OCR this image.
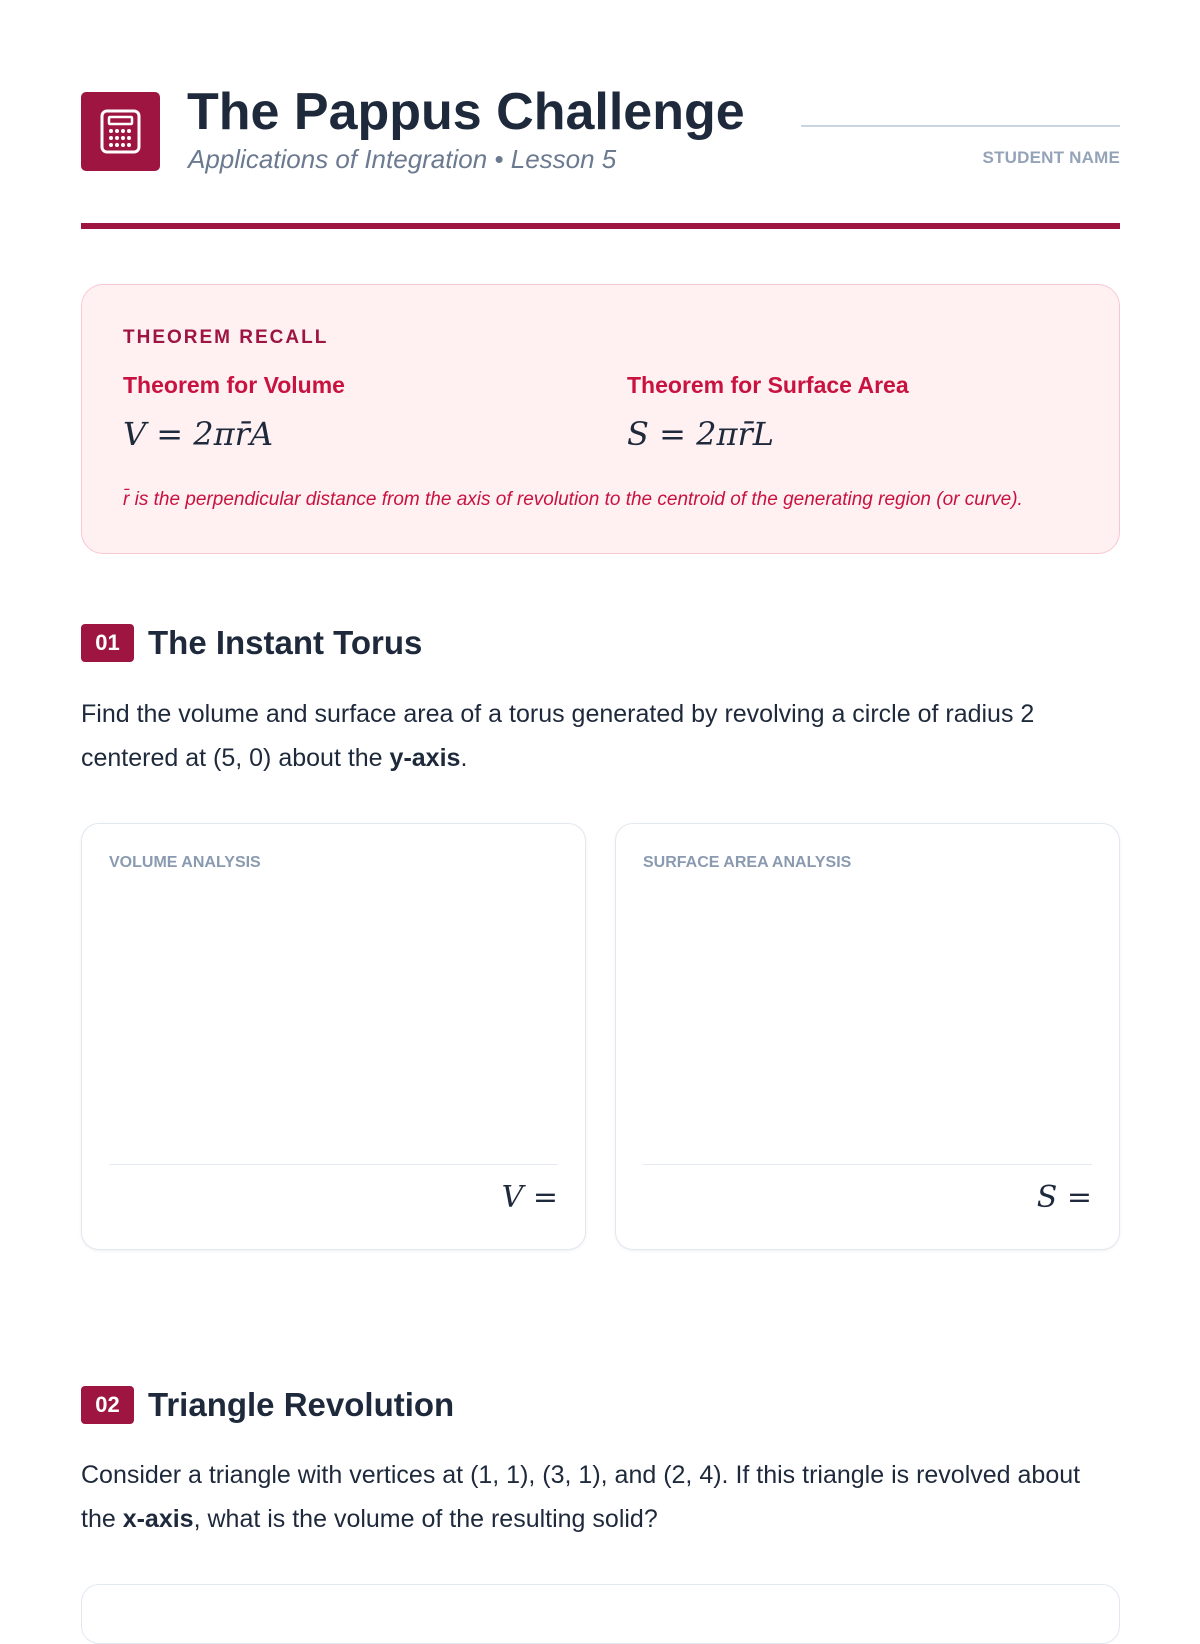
The Pappus Challenge
Applications of Integration • Lesson 5	STUDENT NAME
THEOREM RECALL
Theorem for Volume
V = 2πr̄A
Theorem for Surface Area
S = 2πr̄L
r̄ is the perpendicular distance from the axis of revolution to the centroid of the generating region (or curve).
01 The Instant Torus
Find the volume and surface area of a torus generated by revolving a circle of radius 2 centered at (5, 0) about the y-axis.
VOLUME ANALYSIS
V =
SURFACE AREA ANALYSIS
S =
02 Triangle Revolution
Consider a triangle with vertices at (1, 1), (3, 1), and (2, 4). If this triangle is revolved about the x-axis, what is the volume of the resulting solid?
